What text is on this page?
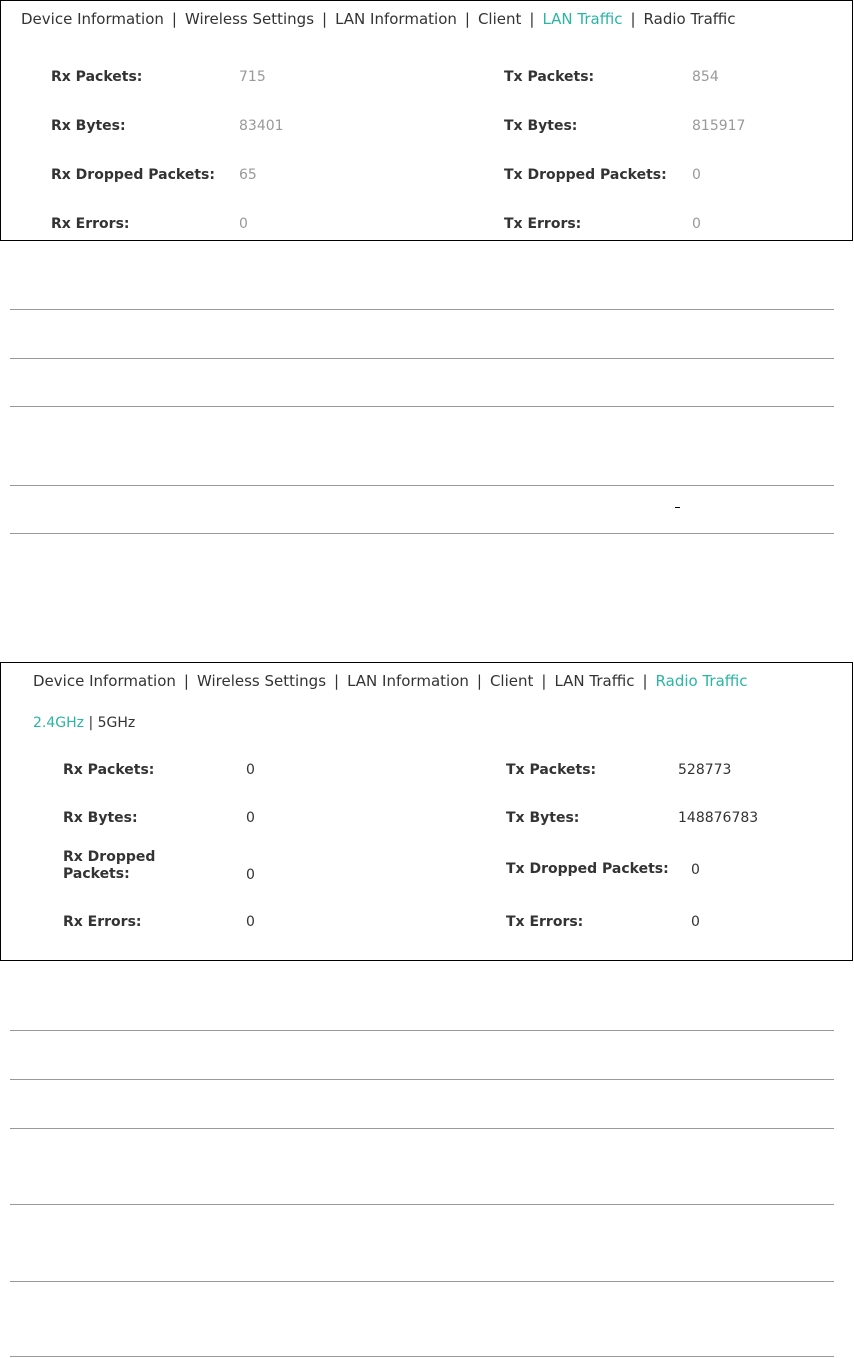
Device Information | Wireless Settings | LAN Information | Client | LAN Traffic | Radio Traffic
Rx Packets:	715	Tx Packets:	854
Rx Bytes:	83401	Tx Bytes:	815917
Rx Dropped Packets: 65	Tx Dropped Packets: 0
Rx Errors:	0	Tx Errors:	0
Device Information | Wireless Settings | LAN Information | Client | LAN Traffic | Radio Traffic
2.4GHz | 5GHz
Rx Packets:	0	Tx Packets:	528773
Rx Bytes:	0	Tx Bytes:	148876783
Rx Dropped
Packets:	0	Tx Dropped Packets: 0
Rx Errors:	0	Tx Errors:	0
